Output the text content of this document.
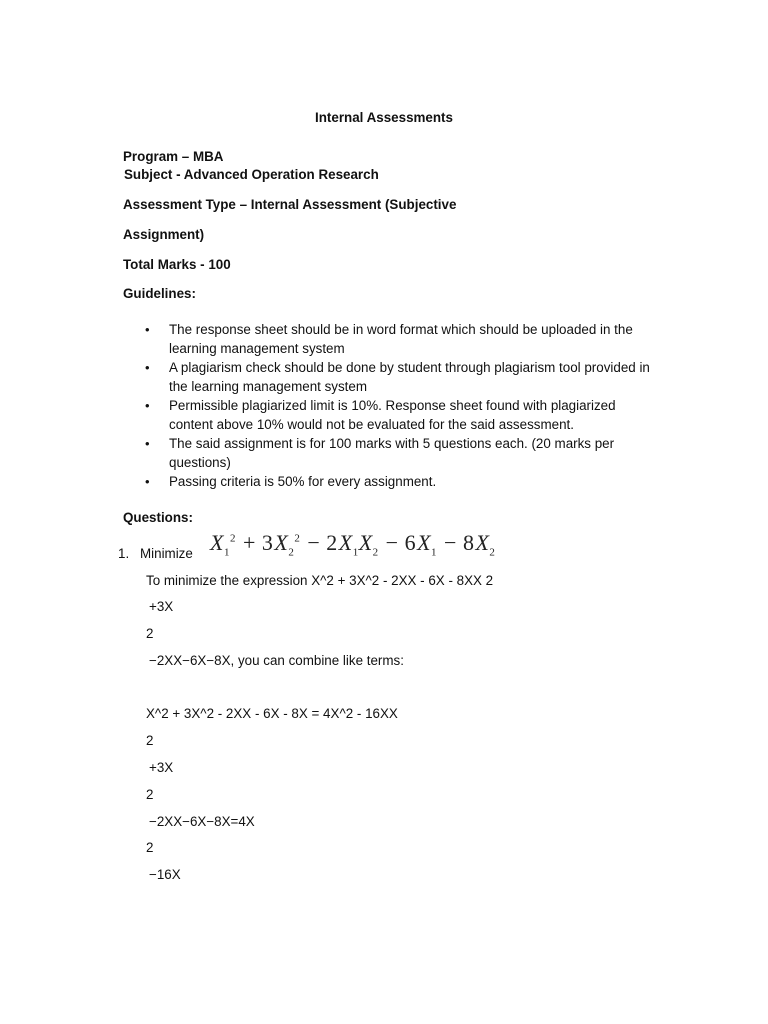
Internal Assessments
Program – MBA
Subject - Advanced Operation Research
Assessment Type – Internal Assessment (Subjective
Assignment)
Total Marks - 100
Guidelines:
• The response sheet should be in word format which should be uploaded in the learning management system
• A plagiarism check should be done by student through plagiarism tool provided in the learning management system
• Permissible plagiarized limit is 10%. Response sheet found with plagiarized content above 10% would not be evaluated for the said assessment.
• The said assignment is for 100 marks with 5 questions each. (20 marks per questions)
• Passing criteria is 50% for every assignment.
Questions:
1. Minimize $X_1^2 + 3X_2^2 - 2X_1X_2 - 6X_1 - 8X_2$
To minimize the expression X^2 + 3X^2 - 2XX - 6X - 8XX 2
+3X
2
−2XX−6X−8X, you can combine like terms:
X^2 + 3X^2 - 2XX - 6X - 8X = 4X^2 - 16XX
2
+3X
2
−2XX−6X−8X=4X
2
−16X
